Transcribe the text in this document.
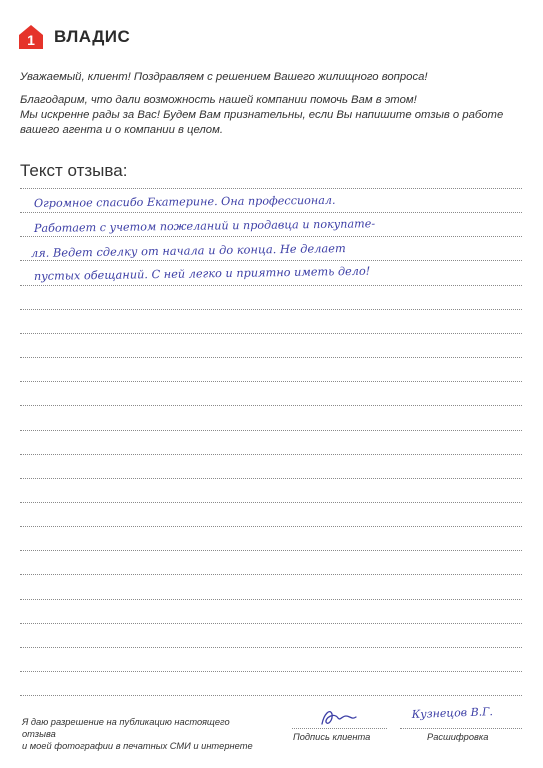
1 ВЛАДИС

Уважаемый, клиент! Поздравляем с решением Вашего жилищного вопроса!

Благодарим, что дали возможность нашей компании помочь Вам в этом!

Мы искренне рады за Вас! Будем Вам признательны, если Вы напишите отзыв о работе

вашего агента и о компании в целом.

Текст отзыва:
Огромное спасибо Екатерине. Она профессионал.
Работает с учетом пожеланий и продавца и покупате-
ля. Ведет сделку от начала и до конца. Не делает
пустых обещаний. С ней легко и приятно иметь дело!

Я даю разрешение на публикацию настоящего отзыва

и моей фотографии в печатных СМИ и интернете

Кузнецов В.Г.
Подпись клиента	Расшифровка
